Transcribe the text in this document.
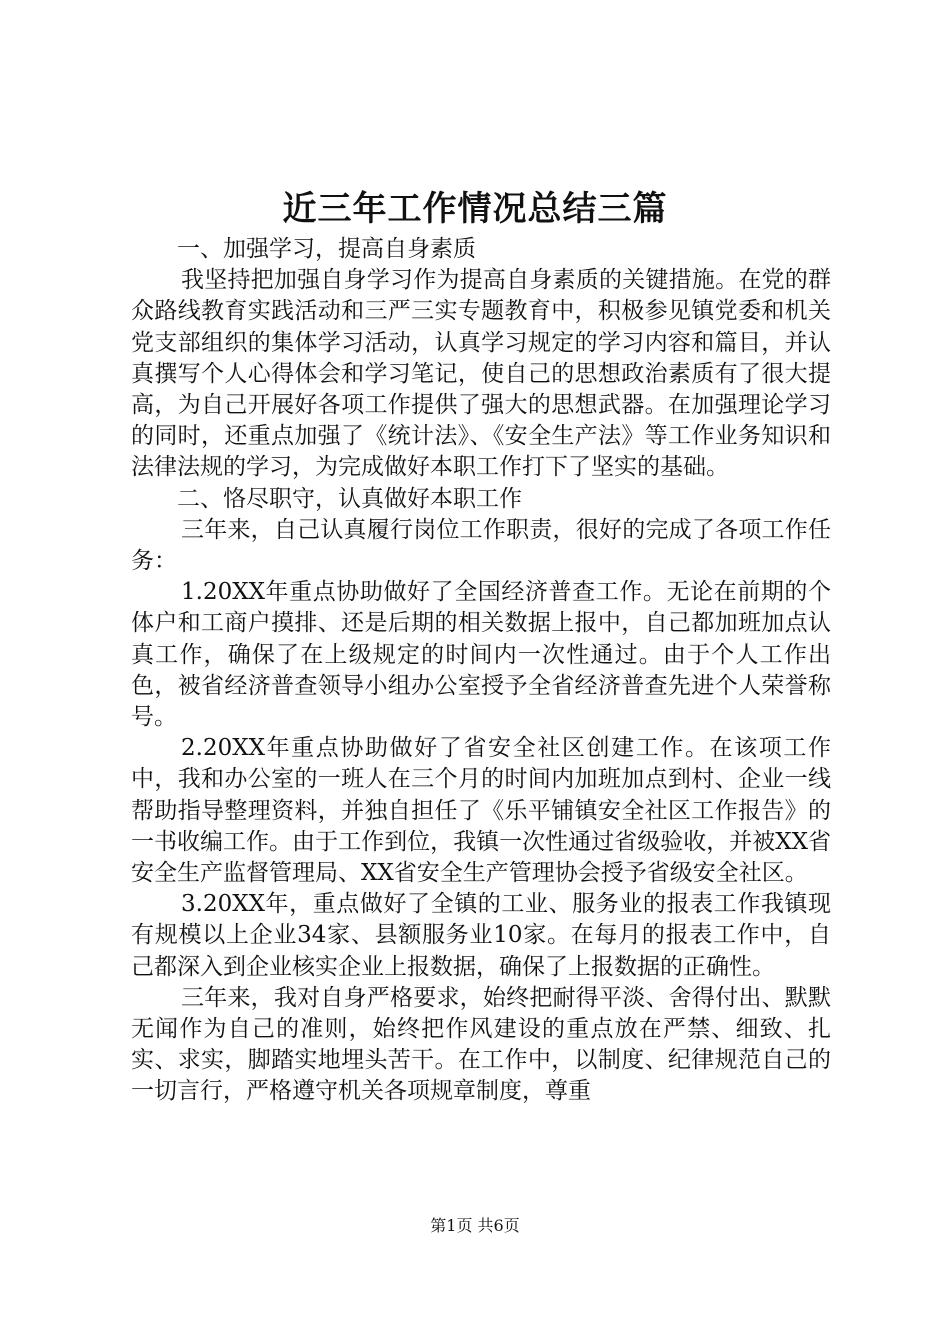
近三年工作情况总结三篇

一、加强学习，提高自身素质

我坚持把加强自身学习作为提高自身素质的关键措施。在党的群众路线教育实践活动和三严三实专题教育中，积极参见镇党委和机关党支部组织的集体学习活动，认真学习规定的学习内容和篇目，并认真撰写个人心得体会和学习笔记，使自己的思想政治素质有了很大提高，为自己开展好各项工作提供了强大的思想武器。在加强理论学习的同时，还重点加强了《统计法》、《安全生产法》等工作业务知识和法律法规的学习，为完成做好本职工作打下了坚实的基础。

二、恪尽职守，认真做好本职工作

三年来，自己认真履行岗位工作职责，很好的完成了各项工作任务：

1.20XX年重点协助做好了全国经济普查工作。无论在前期的个体户和工商户摸排、还是后期的相关数据上报中，自己都加班加点认真工作，确保了在上级规定的时间内一次性通过。由于个人工作出色，被省经济普查领导小组办公室授予全省经济普查先进个人荣誉称号。

2.20XX年重点协助做好了省安全社区创建工作。在该项工作中，我和办公室的一班人在三个月的时间内加班加点到村、企业一线帮助指导整理资料，并独自担任了《乐平铺镇安全社区工作报告》的一书收编工作。由于工作到位，我镇一次性通过省级验收，并被XX省安全生产监督管理局、XX省安全生产管理协会授予省级安全社区。

3.20XX年，重点做好了全镇的工业、服务业的报表工作我镇现有规模以上企业34家、县额服务业10家。在每月的报表工作中，自己都深入到企业核实企业上报数据，确保了上报数据的正确性。

三年来，我对自身严格要求，始终把耐得平淡、舍得付出、默默无闻作为自己的准则，始终把作风建设的重点放在严禁、细致、扎实、求实，脚踏实地埋头苦干。在工作中，以制度、纪律规范自己的一切言行，严格遵守机关各项规章制度，尊重

第1页 共6页
